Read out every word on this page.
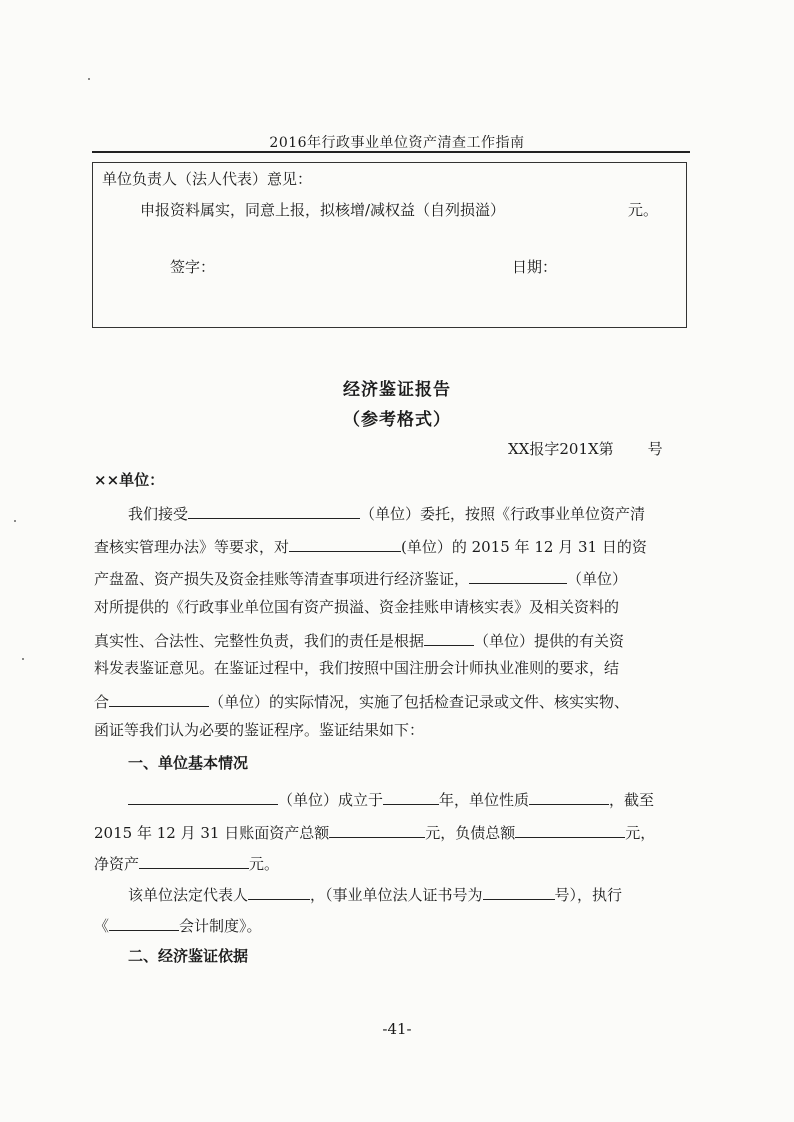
2016年行政事业单位资产清查工作指南
单位负责人（法人代表）意见：
申报资料属实，同意上报，拟核增/减权益（自列损溢）	元。
签字：	日期：
经济鉴证报告
（参考格式）
XX报字201X第 号
××单位：
我们接受	（单位）委托，按照《行政事业单位资产清
查核实管理办法》等要求，对	(单位）的 2015 年 12 月 31 日的资
产盘盈、资产损失及资金挂账等清查事项进行经济鉴证，	（单位）
对所提供的《行政事业单位国有资产损溢、资金挂账申请核实表》及相关资料的
真实性、合法性、完整性负责，我们的责任是根据	（单位）提供的有关资
料发表鉴证意见。在鉴证过程中，我们按照中国注册会计师执业准则的要求，结
合	（单位）的实际情况，实施了包括检查记录或文件、核实实物、
函证等我们认为必要的鉴证程序。鉴证结果如下：
一、单位基本情况
（单位）成立于	年，单位性质	，截至
2015 年 12 月 31 日账面资产总额	元，负债总额	元，
净资产	元。
该单位法定代表人	，（事业单位法人证书号为	号），执行
《	会计制度》。
二、经济鉴证依据
-41-
